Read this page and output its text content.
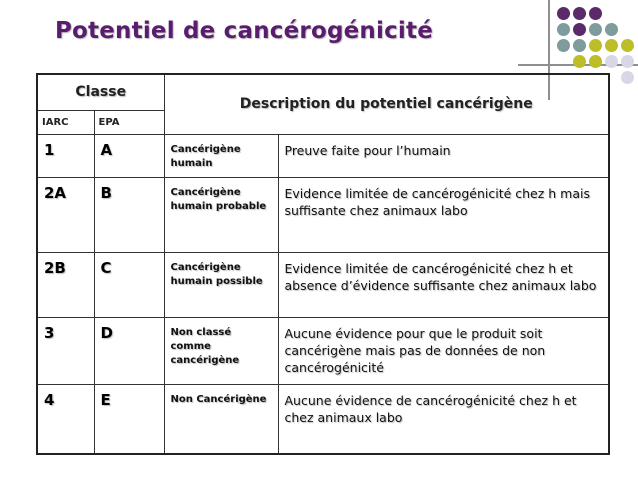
Potentiel de cancérogénicité
Classe		Description du potentiel cancérigène	
IARC	EPA		
1	A	Cancérigène humain	Preuve faite pour l’humain
2A	B	Cancérigène humain probable	Evidence limitée de cancérogénicité chez h mais suffisante chez animaux labo
2B	C	Cancérigène humain possible	Evidence limitée de cancérogénicité chez h et absence d’évidence suffisante chez animaux labo
3	D	Non classé comme cancérigène	Aucune évidence pour que le produit soit cancérigène mais pas de données de non cancérogénicité
4	E	Non Cancérigène	Aucune évidence de cancérogénicité chez h et chez animaux labo
